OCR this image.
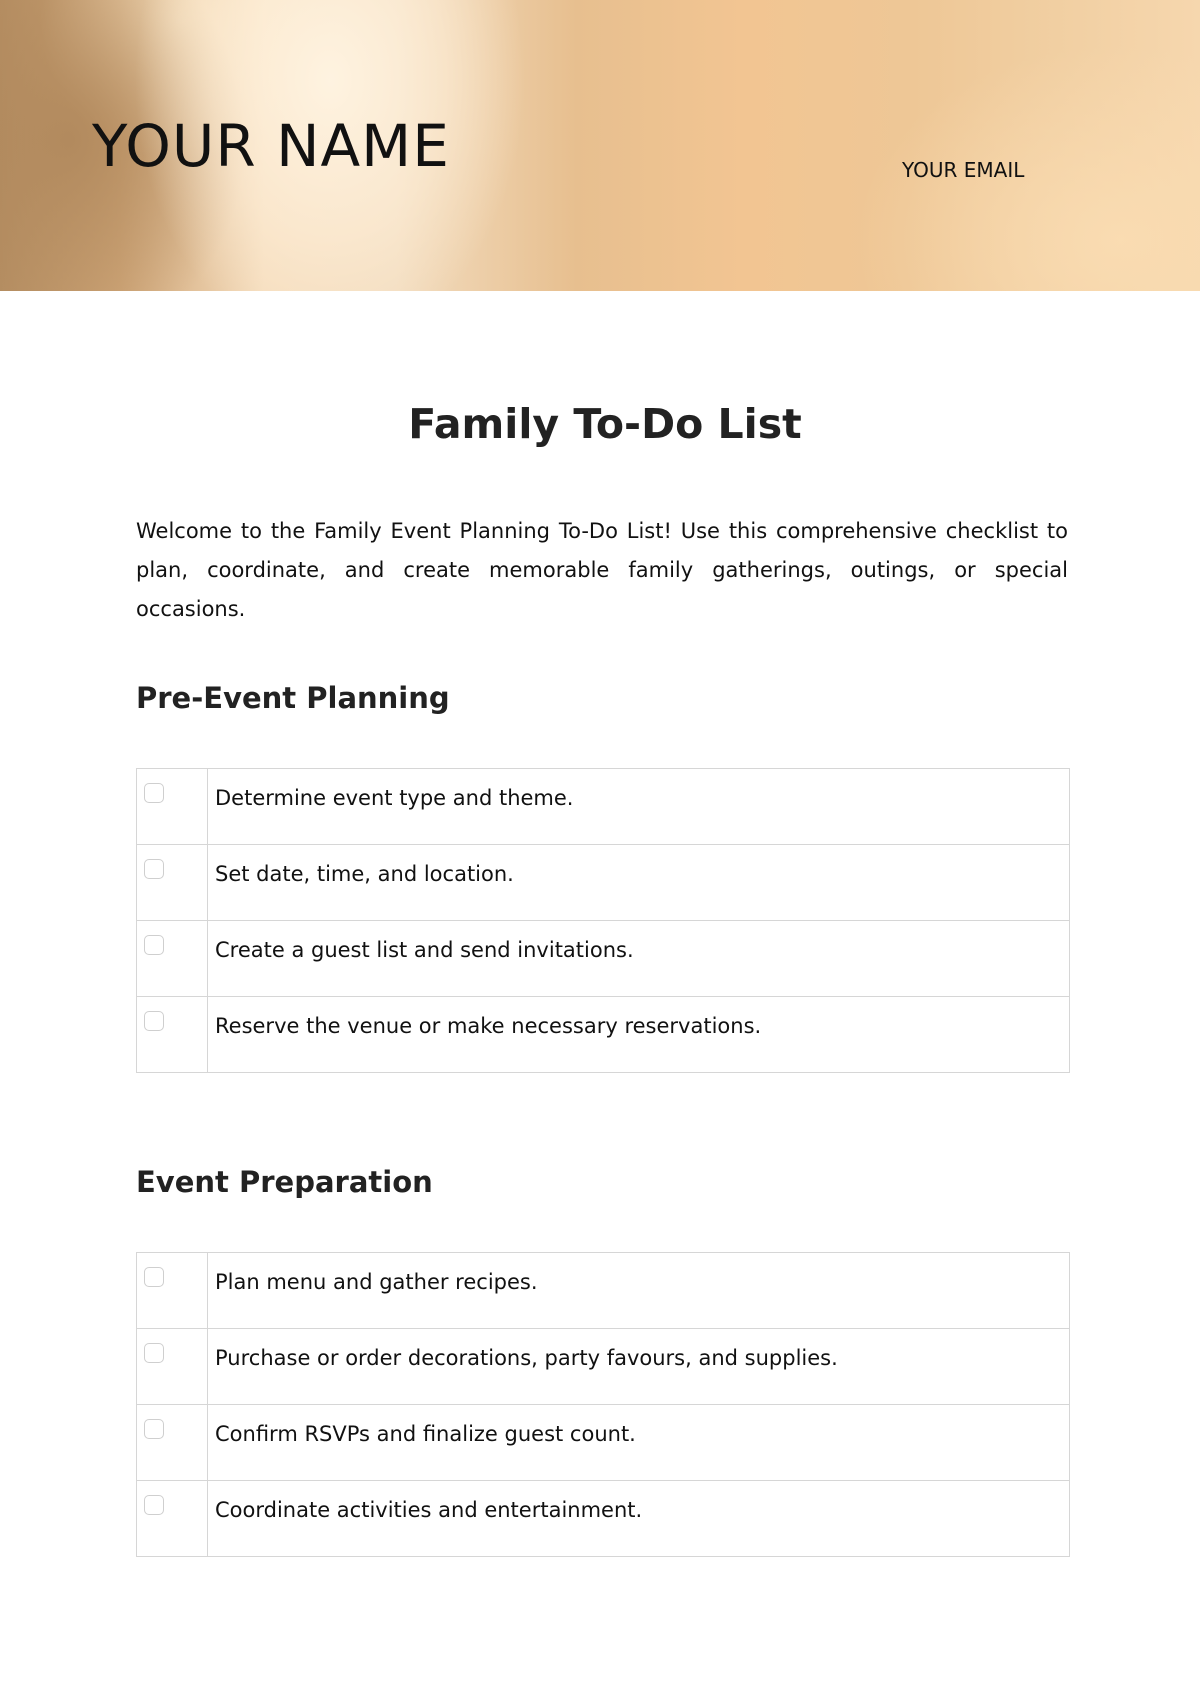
YOUR NAME	YOUR EMAIL
Family To-Do List

Welcome to the Family Event Planning To-Do List! Use this comprehensive checklist to plan, coordinate, and create memorable family gatherings, outings, or special occasions.

Pre-Event Planning
	Determine event type and theme.

	Set date, time, and location.

	Create a guest list and send invitations.

	Reserve the venue or make necessary reservations.
Event Preparation
	Plan menu and gather recipes.

	Purchase or order decorations, party favours, and supplies.

	Confirm RSVPs and finalize guest count.

	Coordinate activities and entertainment.
